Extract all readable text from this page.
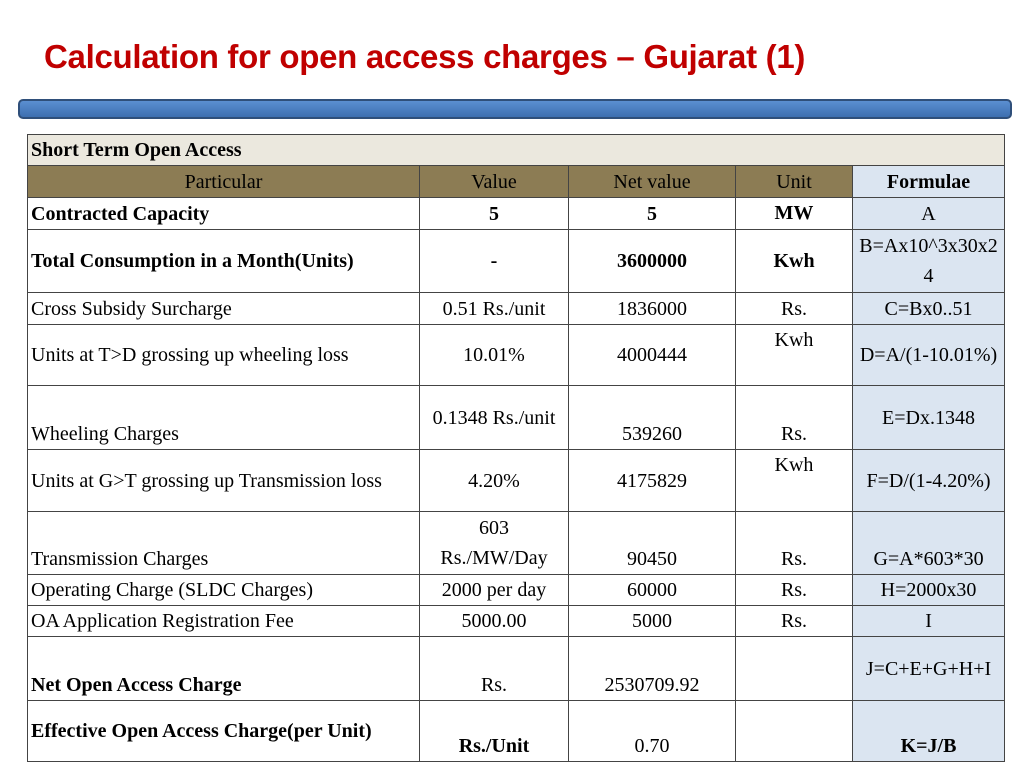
Calculation for open access charges – Gujarat (1)
Short Term Open Access				
Particular	Value	Net value	Unit	Formulae
Contracted Capacity	5	5	MW	A
Total Consumption in a Month(Units)	-	3600000	Kwh	B=Ax10^3x30x24
Cross Subsidy Surcharge	0.51 Rs./unit	1836000	Rs.	C=Bx0..51
Units at T>D grossing up wheeling loss	10.01%	4000444	Kwh	D=A/(1-10.01%)
Wheeling Charges	0.1348 Rs./unit	539260	Rs.	E=Dx.1348
Units at G>T grossing up Transmission loss	4.20%	4175829	Kwh	F=D/(1-4.20%)
Transmission Charges	603 Rs./MW/Day	90450	Rs.	G=A*603*30
Operating Charge (SLDC Charges)	2000 per day	60000	Rs.	H=2000x30
OA Application Registration Fee	5000.00	5000	Rs.	I
Net Open Access Charge	Rs.	2530709.92		J=C+E+G+H+I
Effective Open Access Charge(per Unit)	Rs./Unit	0.70		K=J/B
